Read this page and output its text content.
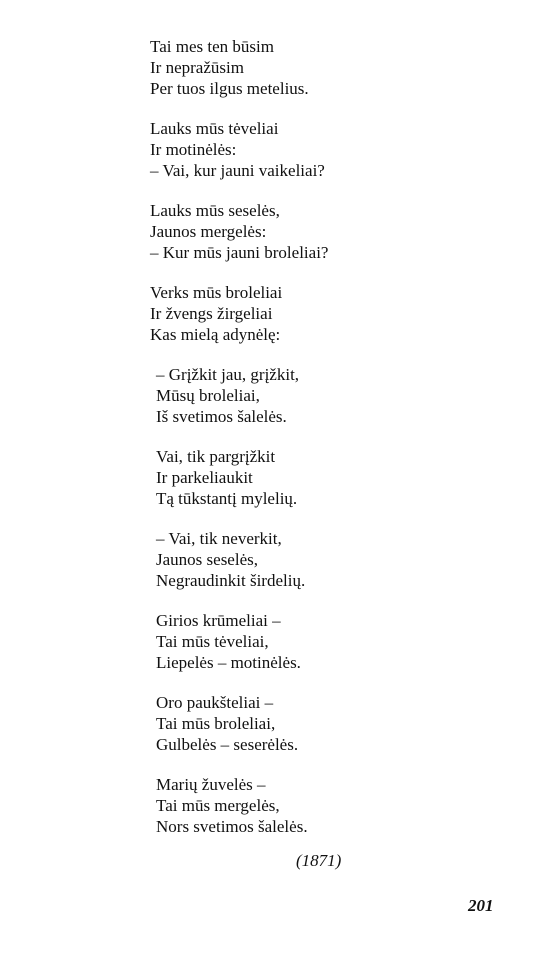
Tai mes ten būsim
Ir nepražūsim
Per tuos ilgus metelius.
Lauks mūs tėveliai
Ir motinėlės:
– Vai, kur jauni vaikeliai?
Lauks mūs seselės,
Jaunos mergelės:
– Kur mūs jauni broleliai?
Verks mūs broleliai
Ir žvengs žirgeliai
Kas mielą adynėlę:
– Grįžkit jau, grįžkit,
Mūsų broleliai,
Iš svetimos šalelės.
Vai, tik pargrįžkit
Ir parkeliaukit
Tą tūkstantį mylelių.
– Vai, tik neverkit,
Jaunos seselės,
Negraudinkit širdelių.
Girios krūmeliai –
Tai mūs tėveliai,
Liepelės – motinėlės.
Oro paukšteliai –
Tai mūs broleliai,
Gulbelės – seserėlės.
Marių žuvelės –
Tai mūs mergelės,
Nors svetimos šalelės.
(1871)
201
